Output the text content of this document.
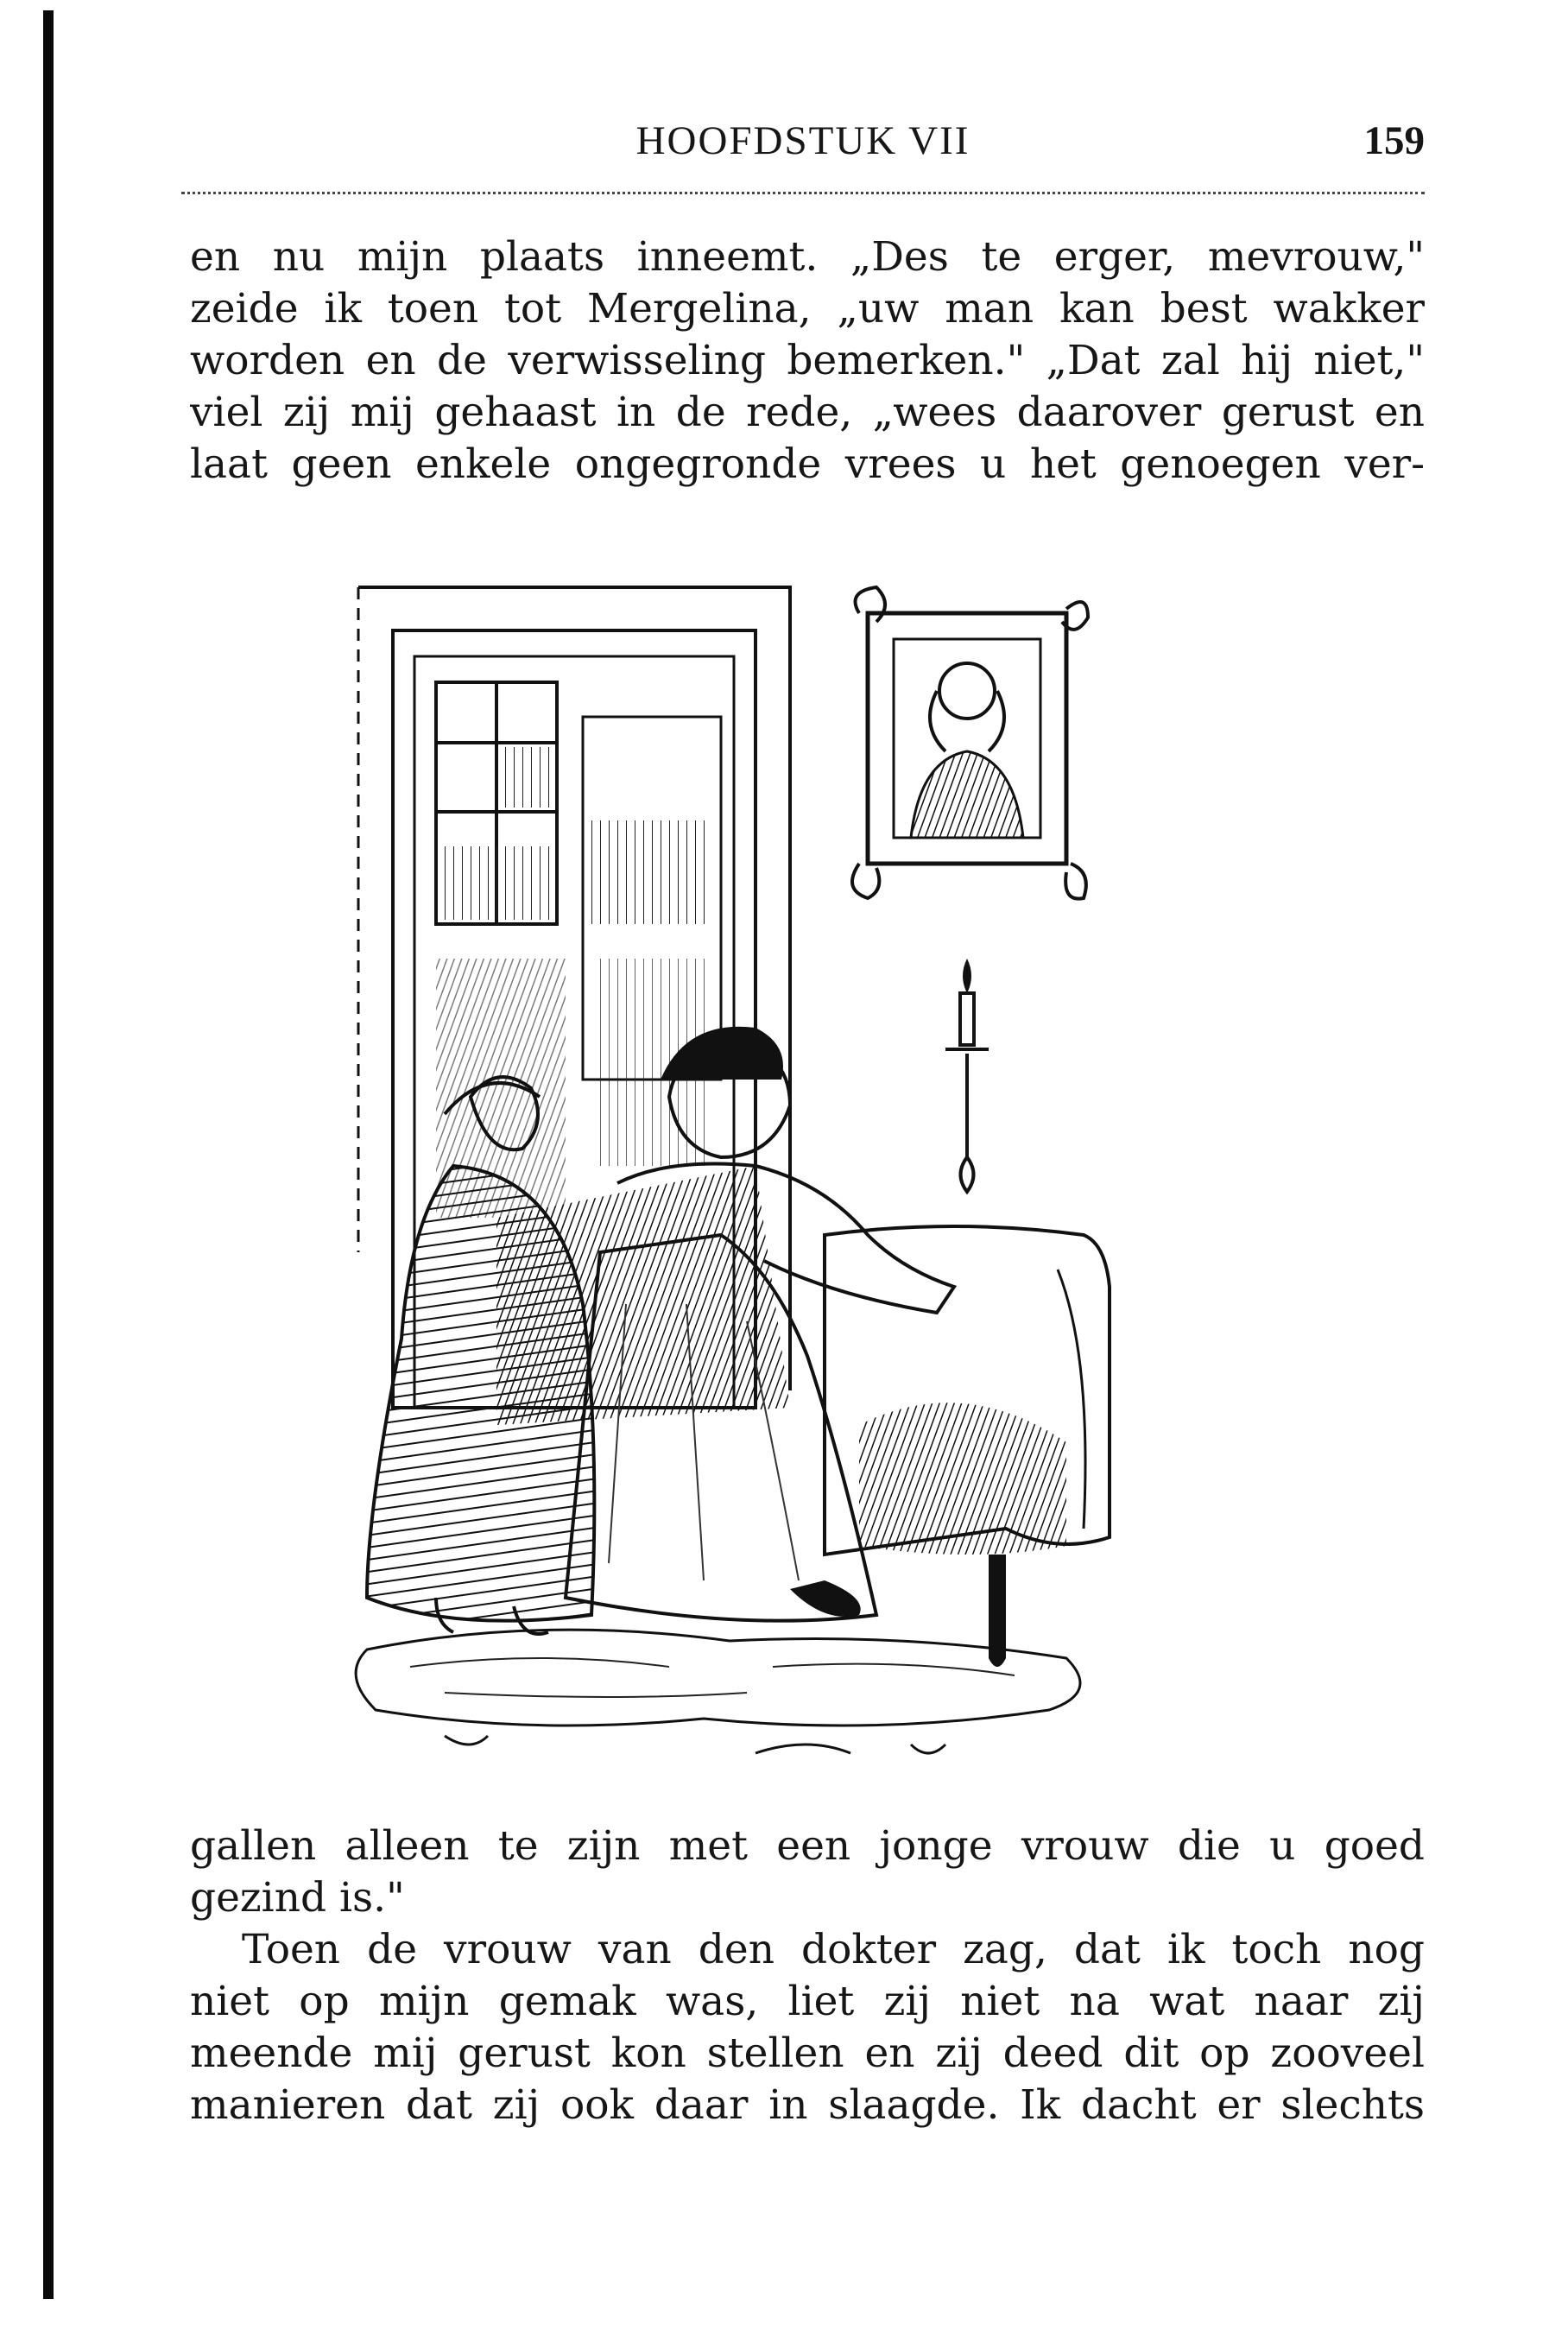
HOOFDSTUK VII	159
en nu mijn plaats inneemt. „Des te erger, mevrouw,"
zeide ik toen tot Mergelina, „uw man kan best wakker
worden en de verwisseling bemerken." „Dat zal hij niet,"
viel zij mij gehaast in de rede, „wees daarover gerust en
laat geen enkele ongegronde vrees u het genoegen ver-
gallen alleen te zijn met een jonge vrouw die u goed
gezind is."
Toen de vrouw van den dokter zag, dat ik toch nog
niet op mijn gemak was, liet zij niet na wat naar zij
meende mij gerust kon stellen en zij deed dit op zooveel
manieren dat zij ook daar in slaagde. Ik dacht er slechts
